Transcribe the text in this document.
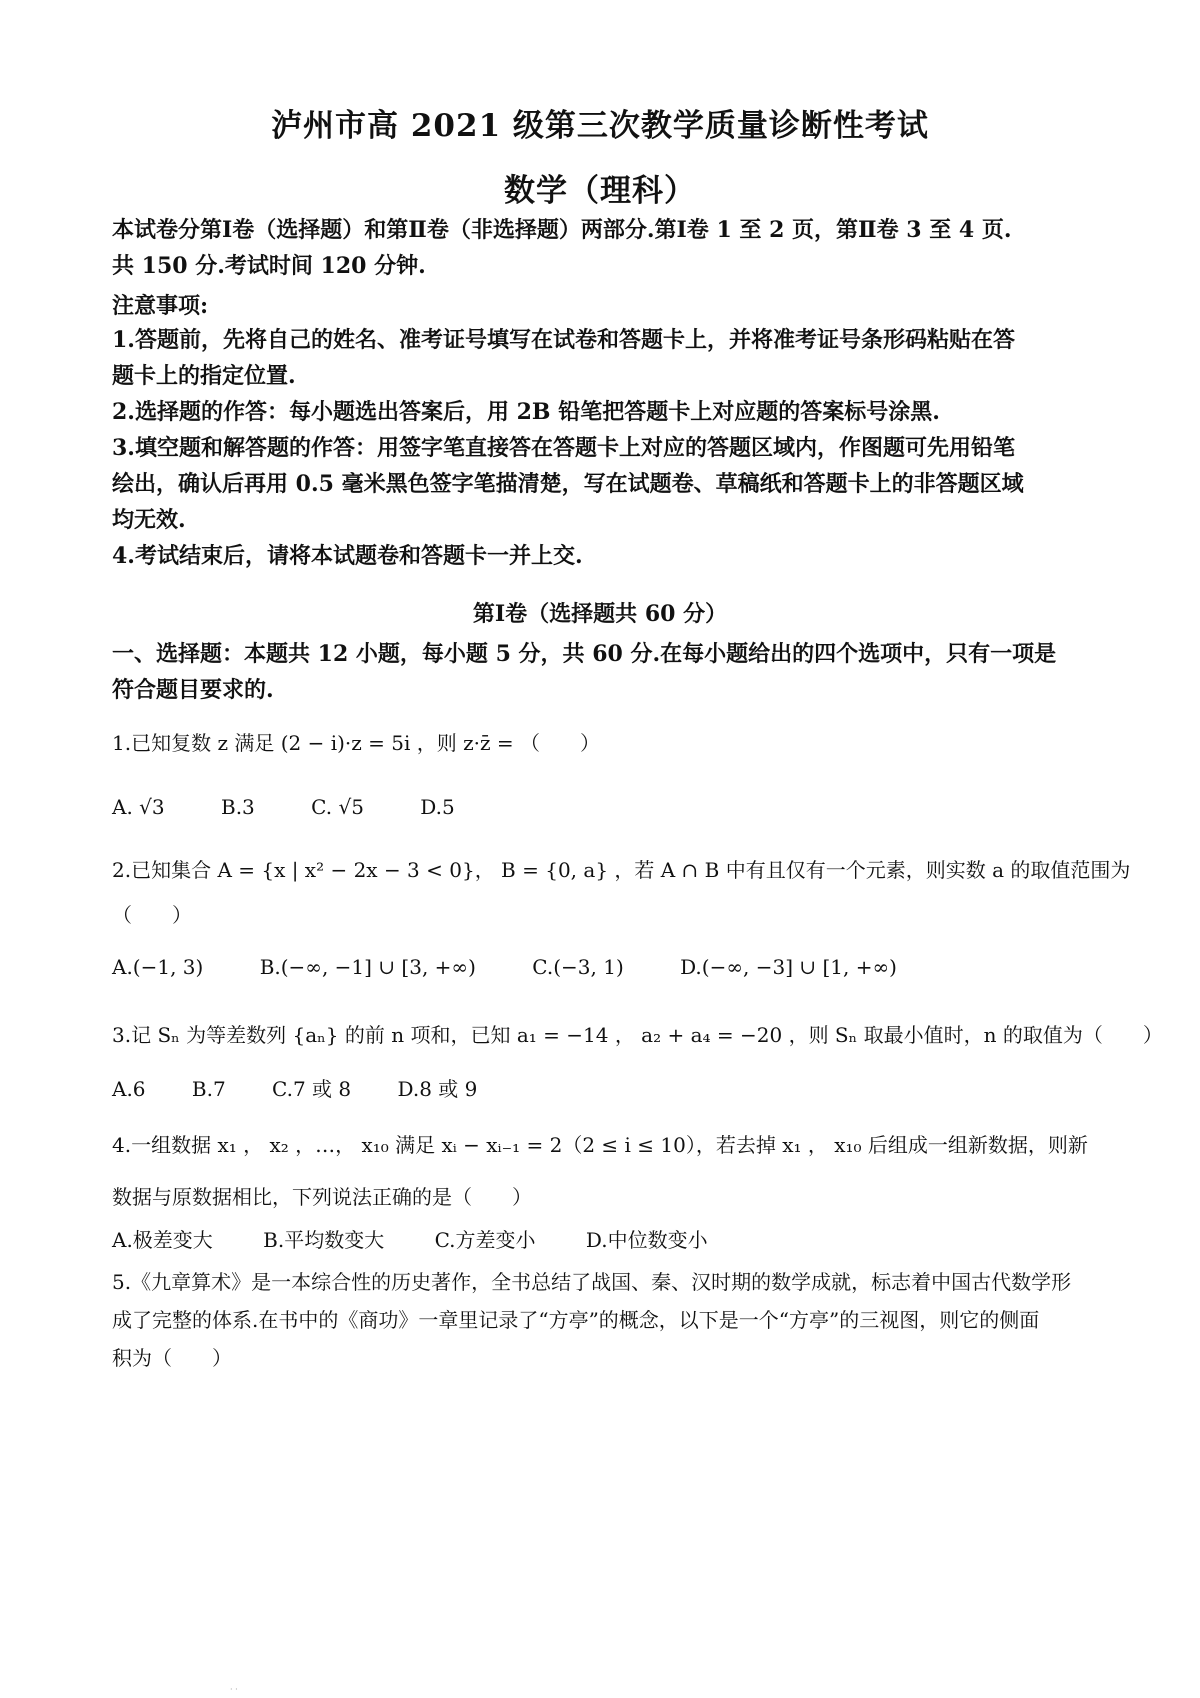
泸州市高 2021 级第三次教学质量诊断性考试
数学（理科）
本试卷分第Ⅰ卷（选择题）和第Ⅱ卷（非选择题）两部分.第Ⅰ卷 1 至 2 页，第Ⅱ卷 3 至 4 页.
共 150 分.考试时间 120 分钟.
注意事项:
1.答题前，先将自己的姓名、准考证号填写在试卷和答题卡上，并将准考证号条形码粘贴在答
题卡上的指定位置.
2.选择题的作答：每小题选出答案后，用 2B 铅笔把答题卡上对应题的答案标号涂黑.
3.填空题和解答题的作答：用签字笔直接答在答题卡上对应的答题区域内，作图题可先用铅笔
绘出，确认后再用 0.5 毫米黑色签字笔描清楚，写在试题卷、草稿纸和答题卡上的非答题区域
均无效.
4.考试结束后，请将本试题卷和答题卡一并上交.
第Ⅰ卷（选择题共 60 分）
一、选择题：本题共 12 小题，每小题 5 分，共 60 分.在每小题给出的四个选项中，只有一项是
符合题目要求的.
1.已知复数 z 满足 (2 − i)·z = 5i ，则 z·z̄ = （　　）
A. √3	B.3	C. √5	D.5
2.已知集合 A = {x | x² − 2x − 3 < 0}， B = {0, a} ，若 A ∩ B 中有且仅有一个元素，则实数 a 的取值范围为
（　　）
A.(−1, 3)	B.(−∞, −1] ∪ [3, +∞)	C.(−3, 1)	D.(−∞, −3] ∪ [1, +∞)
3.记 Sₙ 为等差数列 {aₙ} 的前 n 项和，已知 a₁ = −14 ， a₂ + a₄ = −20 ，则 Sₙ 取最小值时，n 的取值为（　　）
A.6 B.7 C.7 或 8 D.8 或 9
4.一组数据 x₁ ， x₂ ，…， x₁₀ 满足 xᵢ − xᵢ₋₁ = 2（2 ≤ i ≤ 10），若去掉 x₁ ， x₁₀ 后组成一组新数据，则新
数据与原数据相比，下列说法正确的是（　　）
A.极差变大	B.平均数变大	C.方差变小	D.中位数变小
5.《九章算术》是一本综合性的历史著作，全书总结了战国、秦、汉时期的数学成就，标志着中国古代数学形
成了完整的体系.在书中的《商功》一章里记录了“方亭”的概念，以下是一个“方亭”的三视图，则它的侧面
积为（　　）
· ·
